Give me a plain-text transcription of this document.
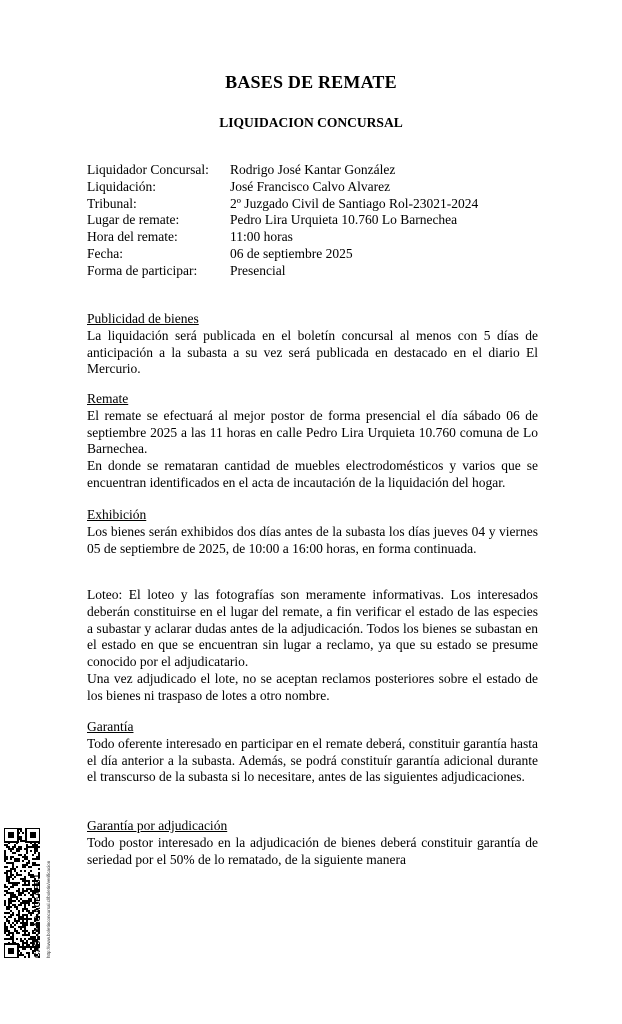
BASES DE REMATE
LIQUIDACION CONCURSAL
Liquidador Concursal:	Rodrigo José Kantar González
Liquidación:	José Francisco Calvo Alvarez
Tribunal:	2º Juzgado Civil de Santiago Rol-23021-2024
Lugar de remate:	Pedro Lira Urquieta 10.760 Lo Barnechea
Hora del remate:	11:00 horas
Fecha:	06 de septiembre 2025
Forma de participar:	Presencial
Publicidad de bienes
La liquidación será publicada en el boletín concursal al menos con 5 días de anticipación a la subasta a su vez será publicada en destacado en el diario El Mercurio.
Remate
El remate se efectuará al mejor postor de forma presencial el día sábado 06 de septiembre 2025 a las 11 horas en calle Pedro Lira Urquieta 10.760 comuna de Lo Barnechea.
En donde se remataran cantidad de muebles electrodomésticos y varios que se encuentran identificados en el acta de incautación de la liquidación del hogar.
Exhibición
Los bienes serán exhibidos dos días antes de la subasta los días jueves 04 y viernes 05 de septiembre de 2025, de 10:00 a 16:00 horas, en forma continuada.
Loteo: El loteo y las fotografías son meramente informativas. Los interesados deberán constituirse en el lugar del remate, a fin verificar el estado de las especies a subastar y aclarar dudas antes de la adjudicación. Todos los bienes se subastan en el estado en que se encuentran sin lugar a reclamo, ya que su estado se presume conocido por el adjudicatario.
Una vez adjudicado el lote, no se aceptan reclamos posteriores sobre el estado de los bienes ni traspaso de lotes a otro nombre.
Garantía
Todo oferente interesado en participar en el remate deberá, constituir garantía hasta el día anterior a la subasta. Además, se podrá constituír garantía adicional durante el transcurso de la subasta si lo necesitare, antes de las siguientes adjudicaciones.
Garantía por adjudicación
Todo postor interesado en la adjudicación de bienes deberá constituir garantía de seriedad por el 50% de lo rematado, de la siguiente manera
CACF-AAC-ACEAEBJ http://www.boletinconcursal.cl/boletin/verificacion
